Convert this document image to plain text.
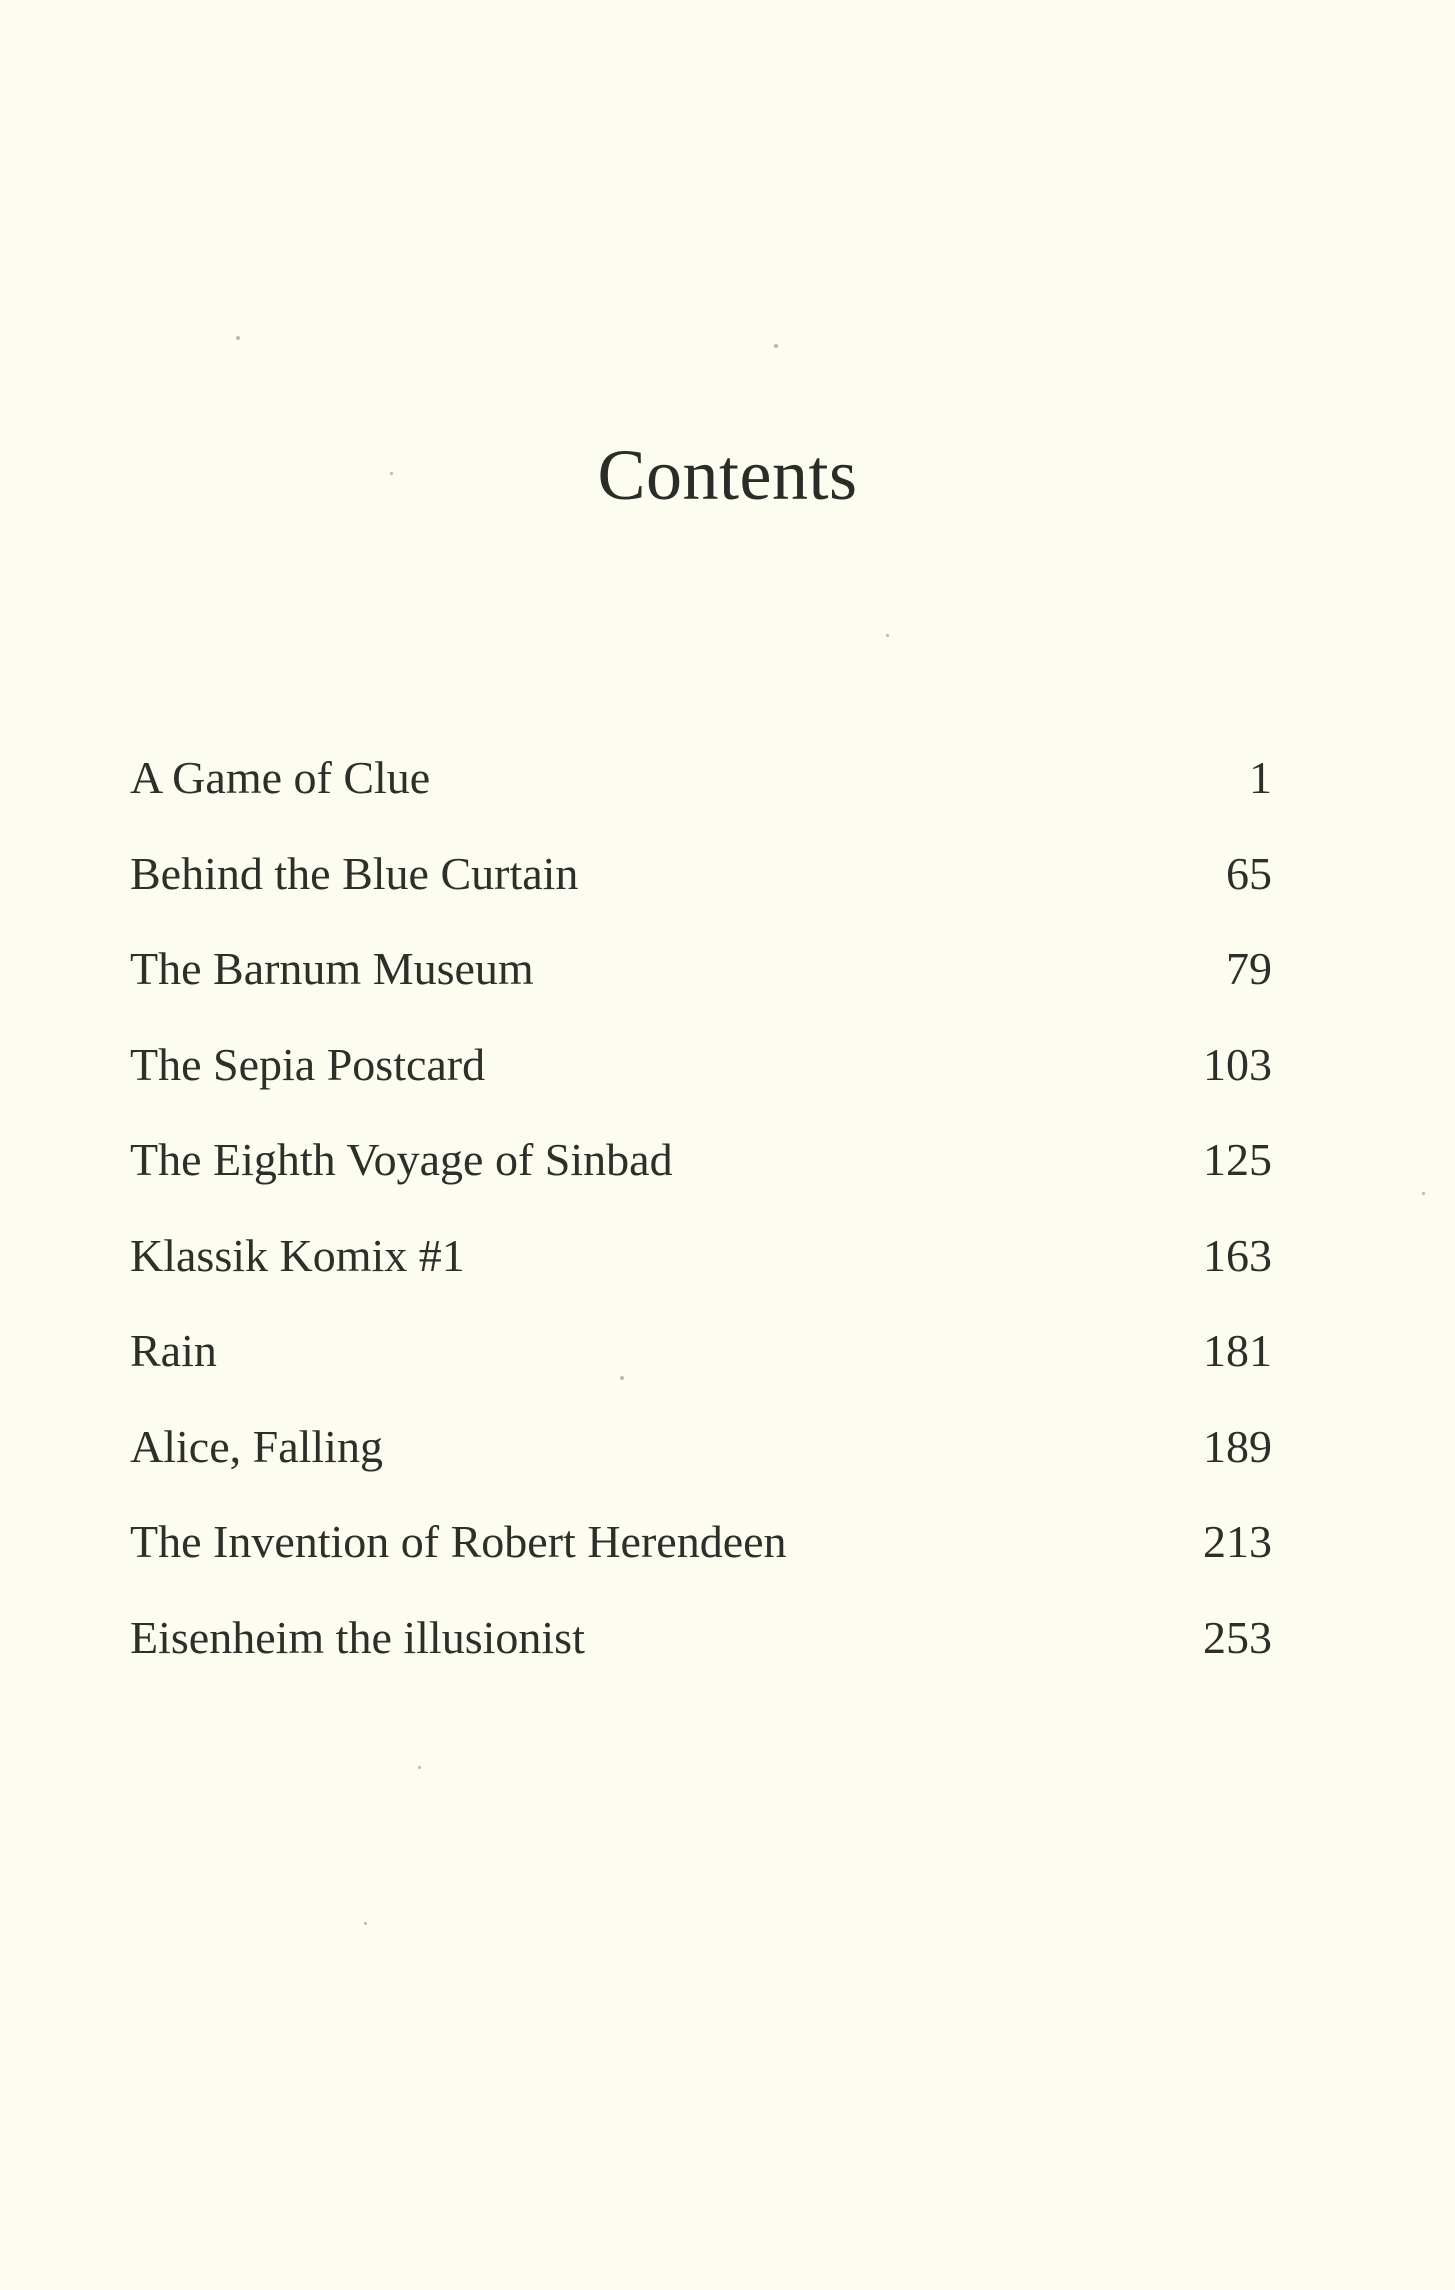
Contents
A Game of Clue	1
Behind the Blue Curtain	65
The Barnum Museum	79
The Sepia Postcard	103
The Eighth Voyage of Sinbad	125
Klassik Komix #1	163
Rain	181
Alice, Falling	189
The Invention of Robert Herendeen	213
Eisenheim the illusionist	253
